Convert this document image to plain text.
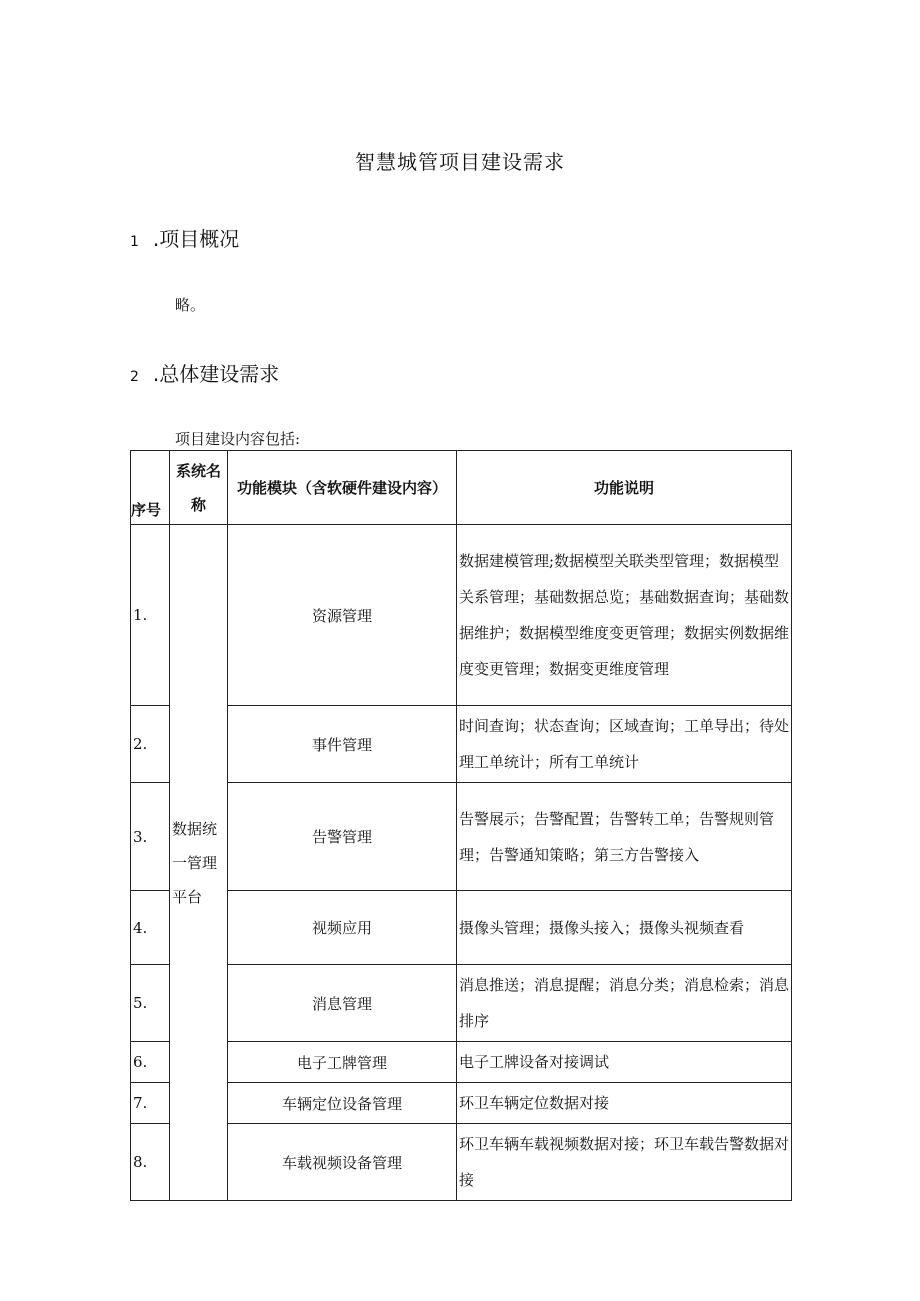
智慧城管项目建设需求
1 .项目概况
略。
2 .总体建设需求
项目建设内容包括:
序号	系统名称	功能模块（含软硬件建设内容）	功能说明
1.	数据统一管理平台	资源管理	数据建模管理;数据模型关联类型管理；数据模型关系管理；基础数据总览；基础数据查询；基础数据维护；数据模型维度变更管理；数据实例数据维度变更管理；数据变更维度管理
2.		事件管理	时间查询；状态查询；区域查询；工单导出；待处理工单统计；所有工单统计
3.		告警管理	告警展示；告警配置；告警转工单；告警规则管理；告警通知策略；第三方告警接入
4.		视频应用	摄像头管理；摄像头接入；摄像头视频查看
5.		消息管理	消息推送；消息提醒；消息分类；消息检索；消息排序
6.		电子工牌管理	电子工牌设备对接调试
7.		车辆定位设备管理	环卫车辆定位数据对接
8.		车载视频设备管理	环卫车辆车载视频数据对接；环卫车载告警数据对接
